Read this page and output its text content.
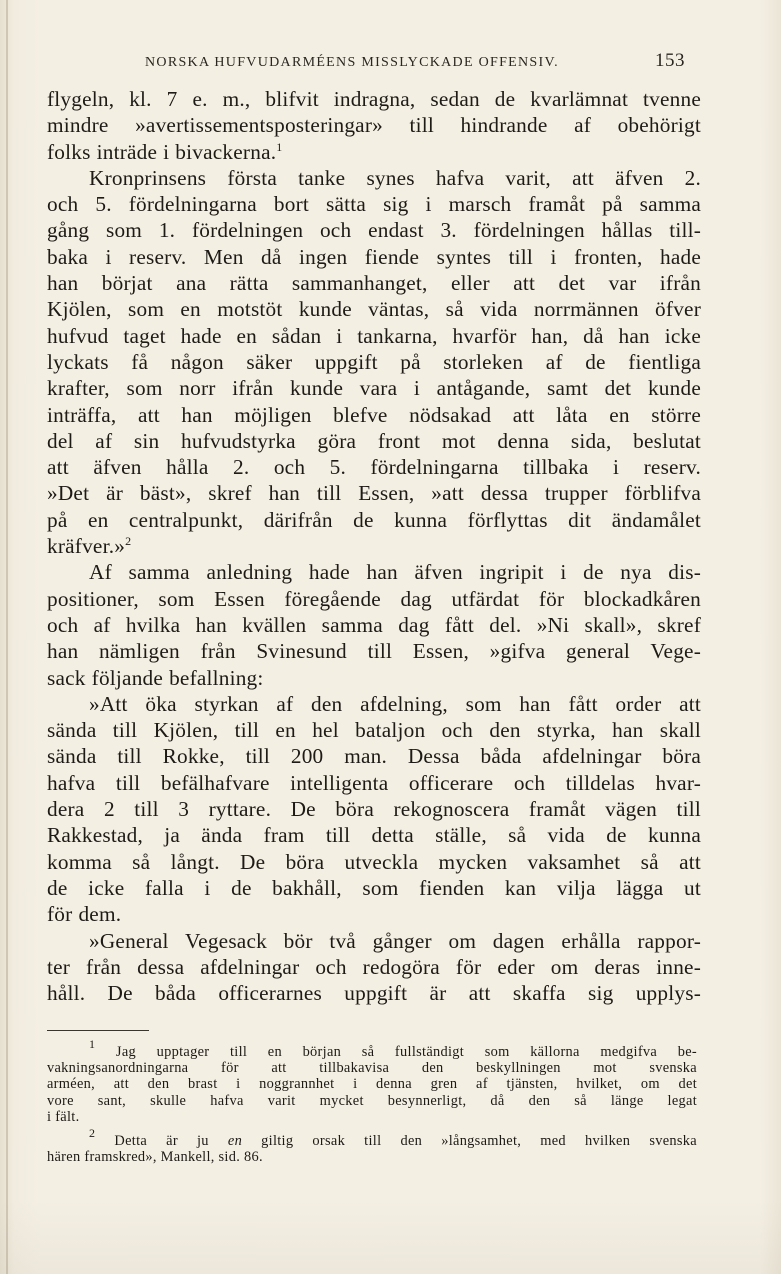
NORSKA HUFVUDARMÉENS MISSLYCKADE OFFENSIV.	153
flygeln, kl. 7 e. m., blifvit indragna, sedan de kvarlämnat tvenne
mindre »avertissementsposteringar» till hindrande af obehörigt
folks inträde i bivackerna.$^1$
Kronprinsens första tanke synes hafva varit, att äfven 2.
och 5. fördelningarna bort sätta sig i marsch framåt på samma
gång som 1. fördelningen och endast 3. fördelningen hållas till-
baka i reserv. Men då ingen fiende syntes till i fronten, hade
han börjat ana rätta sammanhanget, eller att det var ifrån
Kjölen, som en motstöt kunde väntas, så vida norrmännen öfver
hufvud taget hade en sådan i tankarna, hvarför han, då han icke
lyckats få någon säker uppgift på storleken af de fientliga
krafter, som norr ifrån kunde vara i antågande, samt det kunde
inträffa, att han möjligen blefve nödsakad att låta en större
del af sin hufvudstyrka göra front mot denna sida, beslutat
att äfven hålla 2. och 5. fördelningarna tillbaka i reserv.
»Det är bäst», skref han till Essen, »att dessa trupper förblifva
på en centralpunkt, därifrån de kunna förflyttas dit ändamålet
kräfver.»$^2$
Af samma anledning hade han äfven ingripit i de nya dis-
positioner, som Essen föregående dag utfärdat för blockadkåren
och af hvilka han kvällen samma dag fått del. »Ni skall», skref
han nämligen från Svinesund till Essen, »gifva general Vege-
sack följande befallning:
»Att öka styrkan af den afdelning, som han fått order att
sända till Kjölen, till en hel bataljon och den styrka, han skall
sända till Rokke, till 200 man. Dessa båda afdelningar böra
hafva till befälhafvare intelligenta officerare och tilldelas hvar-
dera 2 till 3 ryttare. De böra rekognoscera framåt vägen till
Rakkestad, ja ända fram till detta ställe, så vida de kunna
komma så långt. De böra utveckla mycken vaksamhet så att
de icke falla i de bakhåll, som fienden kan vilja lägga ut
för dem.
»General Vegesack bör två gånger om dagen erhålla rappor-
ter från dessa afdelningar och redogöra för eder om deras inne-
håll. De båda officerarnes uppgift är att skaffa sig upplys-
$^1$ Jag upptager till en början så fullständigt som källorna medgifva be-
vakningsanordningarna för att tillbakavisa den beskyllningen mot svenska
arméen, att den brast i noggrannhet i denna gren af tjänsten, hvilket, om det
vore sant, skulle hafva varit mycket besynnerligt, då den så länge legat
i fält.
$^2$ Detta är ju en giltig orsak till den »långsamhet, med hvilken svenska
hären framskred», Mankell, sid. 86.
